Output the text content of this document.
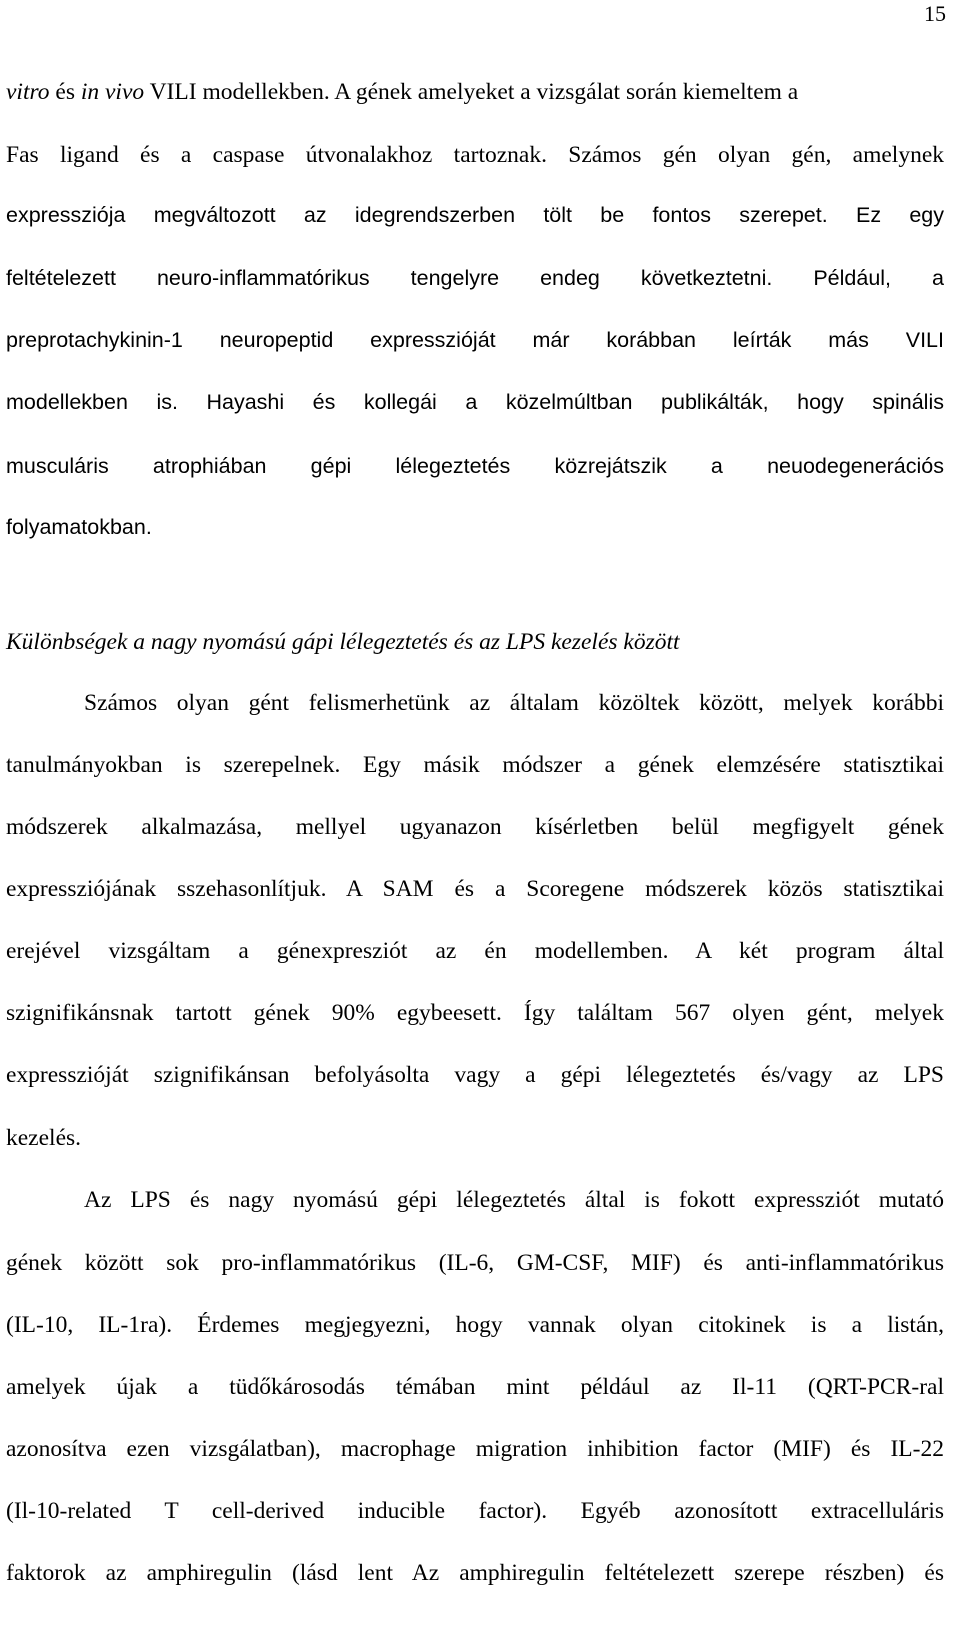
15
vitro és in vivo VILI modellekben. A gének amelyeket a vizsgálat során kiemeltem a
Fas ligand és a caspase útvonalakhoz tartoznak. Számos gén olyan gén, amelynek
expressziója megváltozott az idegrendszerben tölt be fontos szerepet. Ez egy
feltételezett neuro-inflammatórikus tengelyre endeg következtetni. Például, a
preprotachykinin-1 neuropeptid expresszióját már korábban leírták más VILI
modellekben is. Hayashi és kollegái a közelmúltban publikálták, hogy spinális
musculáris atrophiában gépi lélegeztetés közrejátszik a neuodegenerációs
folyamatokban.
Különbségek a nagy nyomású gápi lélegeztetés és az LPS kezelés között
Számos olyan gént felismerhetünk az általam közöltek között, melyek korábbi
tanulmányokban is szerepelnek. Egy másik módszer a gének elemzésére statisztikai
módszerek alkalmazása, mellyel ugyanazon kísérletben belül megfigyelt gének
expressziójának sszehasonlítjuk. A SAM és a Scoregene módszerek közös statisztikai
erejével vizsgáltam a génexpresziót az én modellemben. A két program által
szignifikánsnak tartott gének 90% egybeesett. Így találtam 567 olyen gént, melyek
expresszióját szignifikánsan befolyásolta vagy a gépi lélegeztetés és/vagy az LPS
kezelés.
Az LPS és nagy nyomású gépi lélegeztetés által is fokott expressziót mutató
gének között sok pro-inflammatórikus (IL-6, GM-CSF, MIF) és anti-inflammatórikus
(IL-10, IL-1ra). Érdemes megjegyezni, hogy vannak olyan citokinek is a listán,
amelyek újak a tüdőkárosodás témában mint például az Il-11 (QRT-PCR-ral
azonosítva ezen vizsgálatban), macrophage migration inhibition factor (MIF) és IL-22
(Il-10-related T cell-derived inducible factor). Egyéb azonosított extracelluláris
faktorok az amphiregulin (lásd lent Az amphiregulin feltételezett szerepe részben) és
